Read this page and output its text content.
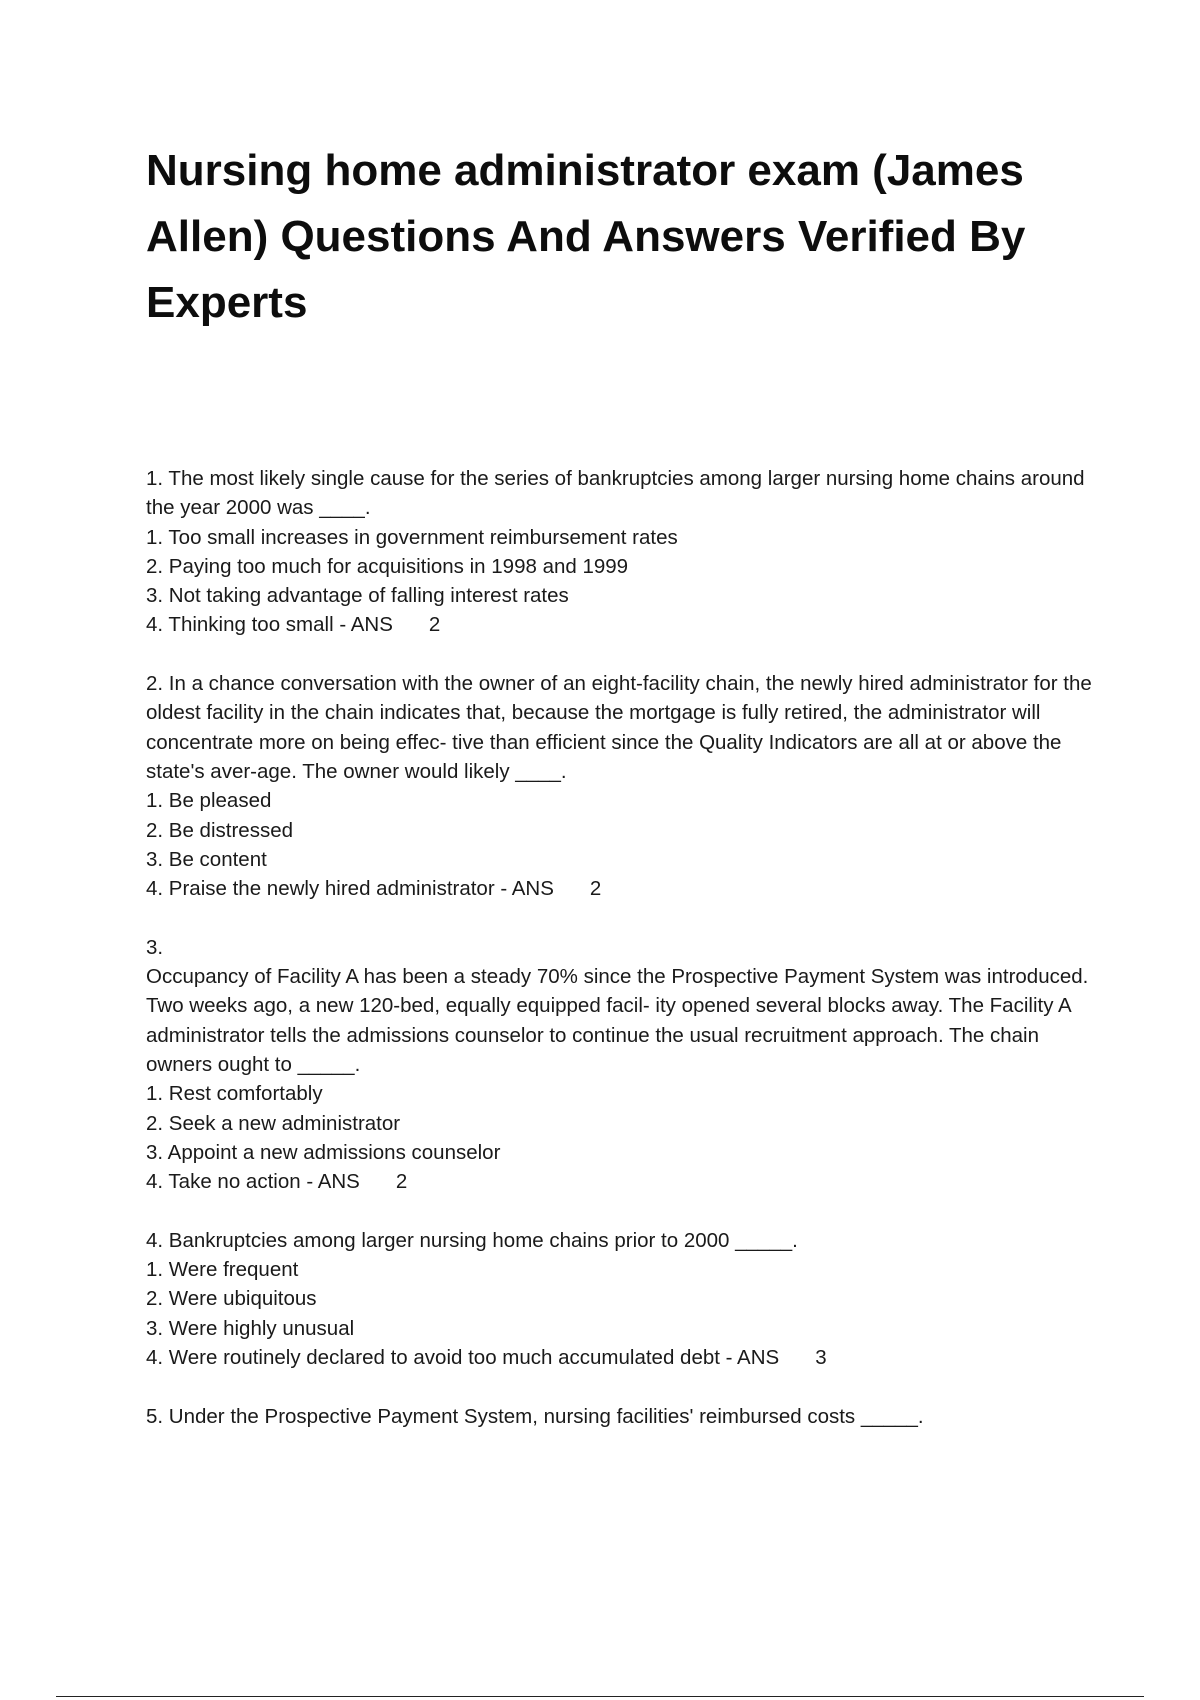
Nursing home administrator exam (James Allen) Questions And Answers Verified By Experts

1. The most likely single cause for the series of bankruptcies among larger nursing home chains around the year 2000 was ____.

1. Too small increases in government reimbursement rates

2. Paying too much for acquisitions in 1998 and 1999

3. Not taking advantage of falling interest rates

4. Thinking too small - ANS 2

2. In a chance conversation with the owner of an eight-facility chain, the newly hired administrator for the oldest facility in the chain indicates that, because the mortgage is fully retired, the administrator will concentrate more on being effec- tive than efficient since the Quality Indicators are all at or above the state's aver-age. The owner would likely ____.

1. Be pleased

2. Be distressed

3. Be content

4. Praise the newly hired administrator - ANS 2

3.

Occupancy of Facility A has been a steady 70% since the Prospective Payment System was introduced. Two weeks ago, a new 120-bed, equally equipped facil- ity opened several blocks away. The Facility A administrator tells the admissions counselor to continue the usual recruitment approach. The chain owners ought to _____.

1. Rest comfortably

2. Seek a new administrator

3. Appoint a new admissions counselor

4. Take no action - ANS 2

4. Bankruptcies among larger nursing home chains prior to 2000 _____.

1. Were frequent

2. Were ubiquitous

3. Were highly unusual

4. Were routinely declared to avoid too much accumulated debt - ANS 3

5. Under the Prospective Payment System, nursing facilities' reimbursed costs _____.
